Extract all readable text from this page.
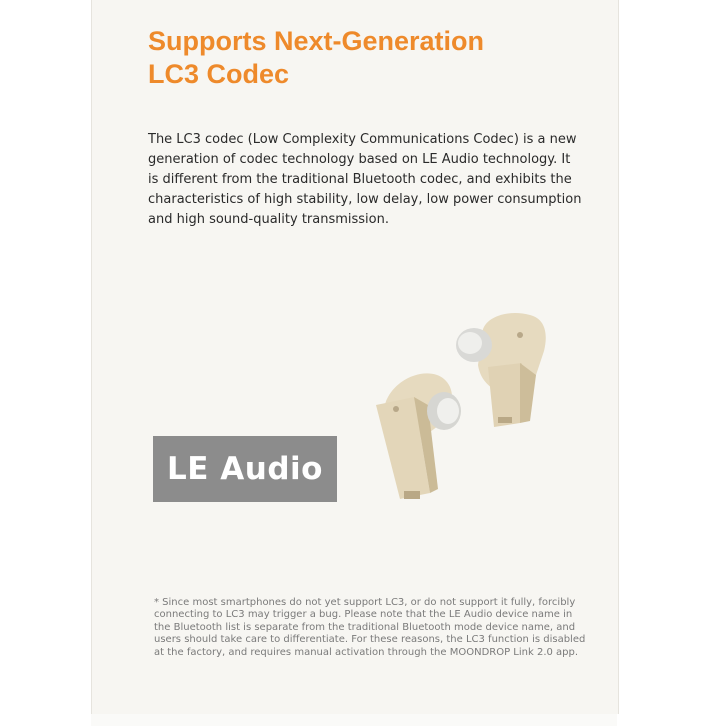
Supports Next-Generation
LC3 Codec

The LC3 codec (Low Complexity Communications Codec) is a new generation of codec technology based on LE Audio technology. It is different from the traditional Bluetooth codec, and exhibits the characteristics of high stability, low delay, low power consumption and high sound-quality transmission.

LE Audio

* Since most smartphones do not yet support LC3, or do not support it fully, forcibly connecting to LC3 may trigger a bug. Please note that the LE Audio device name in the Bluetooth list is separate from the traditional Bluetooth mode device name, and users should take care to differentiate. For these reasons, the LC3 function is disabled at the factory, and requires manual activation through the MOONDROP Link 2.0 app.
